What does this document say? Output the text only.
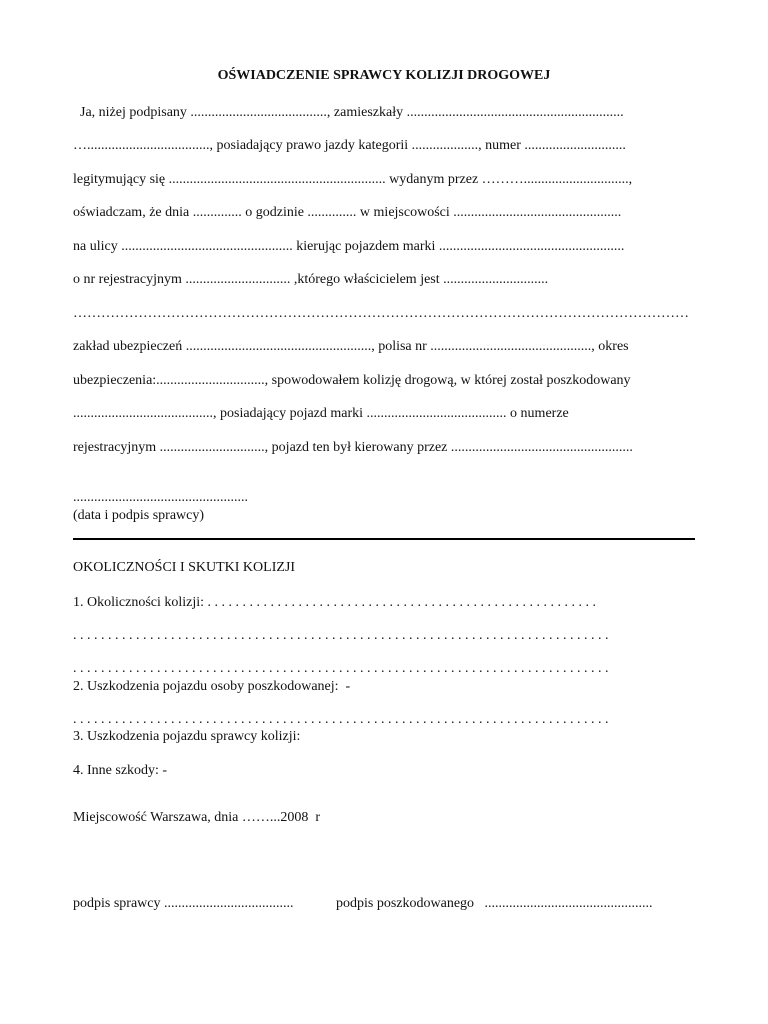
OŚWIADCZENIE SPRAWCY KOLIZJI DROGOWEJ
Ja, niżej podpisany ......................................., zamieszkały ..............................................................
…..................................., posiadający prawo jazdy kategorii ..................., numer .............................
legitymujący się .............................................................. wydanym przez ………..............................,
oświadczam, że dnia .............. o godzinie .............. w miejscowości ................................................
na ulicy ................................................. kierując pojazdem marki .....................................................
o nr rejestracyjnym .............................. ,którego właścicielem jest ..............................
……………………………………………………………………………………………………………………
zakład ubezpieczeń ....................................................., polisa nr .............................................., okres
ubezpieczenia:..............................., spowodowałem kolizję drogową, w której został poszkodowany
........................................, posiadający pojazd marki ........................................ o numerze
rejestracyjnym .............................., pojazd ten był kierowany przez ....................................................
..................................................
(data i podpis sprawcy)
OKOLICZNOŚCI I SKUTKI KOLIZJI
1. Okoliczności kolizji: . . . . . . . . . . . . . . . . . . . . . . . . . . . . . . . . . . . . . . . . . . . . . . . . . . . . . . . .
. . . . . . . . . . . . . . . . . . . . . . . . . . . . . . . . . . . . . . . . . . . . . . . . . . . . . . . . . . . . . . . . . . . . . . . . . . . . .
. . . . . . . . . . . . . . . . . . . . . . . . . . . . . . . . . . . . . . . . . . . . . . . . . . . . . . . . . . . . . . . . . . . . . . . . . . . . .
2. Uszkodzenia pojazdu osoby poszkodowanej:  -
. . . . . . . . . . . . . . . . . . . . . . . . . . . . . . . . . . . . . . . . . . . . . . . . . . . . . . . . . . . . . . . . . . . . . . . . . . . . .
3. Uszkodzenia pojazdu sprawcy kolizji:
4. Inne szkody: -
Miejscowość Warszawa, dnia ……...2008  r
podpis sprawcy .....................................	podpis poszkodowanego   ................................................
